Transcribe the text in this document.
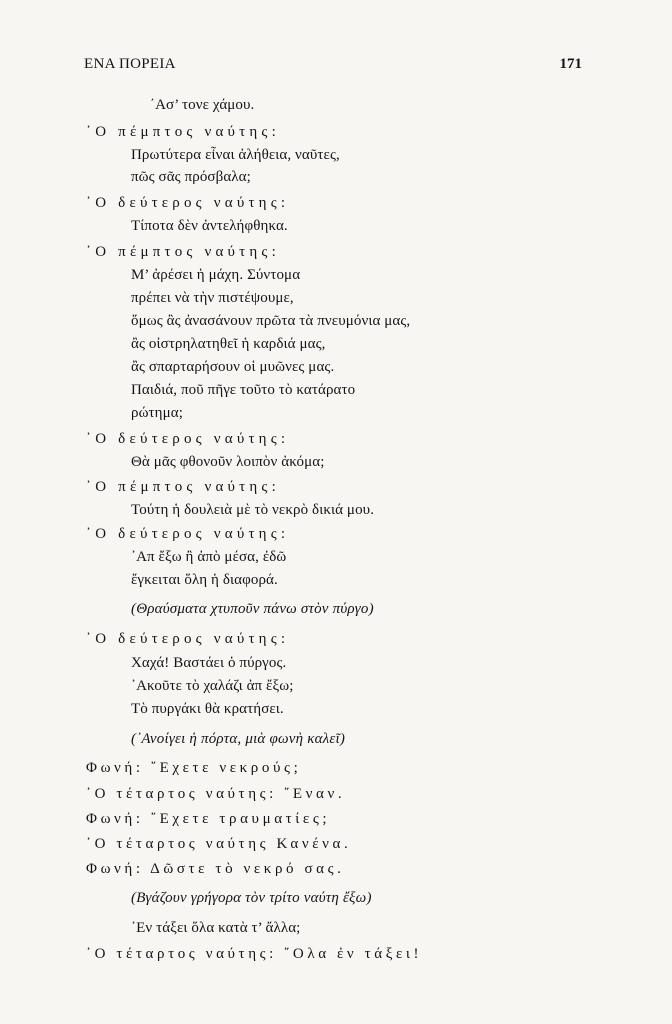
ΕΝΑ ΠΟΡΕΙΑ	171
΄Ασ’ τονε χάμου.
᾿Ο πέμπτος ναύτης:
Πρωτύτερα εἶναι ἀλήθεια, ναῦτες,
πῶς σᾶς πρόσβαλα;
᾿Ο δεύτερος ναύτης:
Τίποτα δὲν ἀντελήφθηκα.
᾿Ο πέμπτος ναύτης:
Μ’ ἀρέσει ἡ μάχη. Σύντομα
πρέπει νὰ τὴν πιστέψουμε,
ὅμως ἂς ἀνασάνουν πρῶτα τὰ πνευμόνια μας,
ἂς οἰστρηλατηθεῖ ἡ καρδιά μας,
ἂς σπαρταρήσουν οἱ μυῶνες μας.
Παιδιά, ποῦ πῆγε τοῦτο τὸ κατάρατο
ρώτημα;
᾿Ο δεύτερος ναύτης:
Θὰ μᾶς φθονοῦν λοιπὸν ἀκόμα;
᾿Ο πέμπτος ναύτης:
Τούτη ἡ δουλειὰ μὲ τὸ νεκρὸ δικιά μου.
᾿Ο δεύτερος ναύτης:
᾿Απ ἔξω ἢ ἀπὸ μέσα, ἐδῶ
ἔγκειται ὅλη ἡ διαφορά.
(Θραύσματα χτυποῦν πάνω στὸν πύργο)
᾿Ο δεύτερος ναύτης:
Χαχά! Βαστάει ὁ πύργος.
᾿Ακοῦτε τὸ χαλάζι ἀπ ἔξω;
Τὸ πυργάκι θὰ κρατήσει.
(᾿Ανοίγει ἡ πόρτα, μιὰ φωνὴ καλεῖ)
Φωνή: ῎Εχετε νεκρούς;
᾿Ο τέταρτος ναύτης: ῎Εναν.
Φωνή: ῎Εχετε τραυματίες;
᾿Ο τέταρτος ναύτης Κανένα.
Φωνή: Δῶστε τὸ νεκρό σας.
(Βγάζουν γρήγορα τὸν τρίτο ναύτη ἔξω)
᾿Εν τάξει ὅλα κατὰ τ’ ἄλλα;
᾿Ο τέταρτος ναύτης: ῎Ολα ἐν τάξει!
